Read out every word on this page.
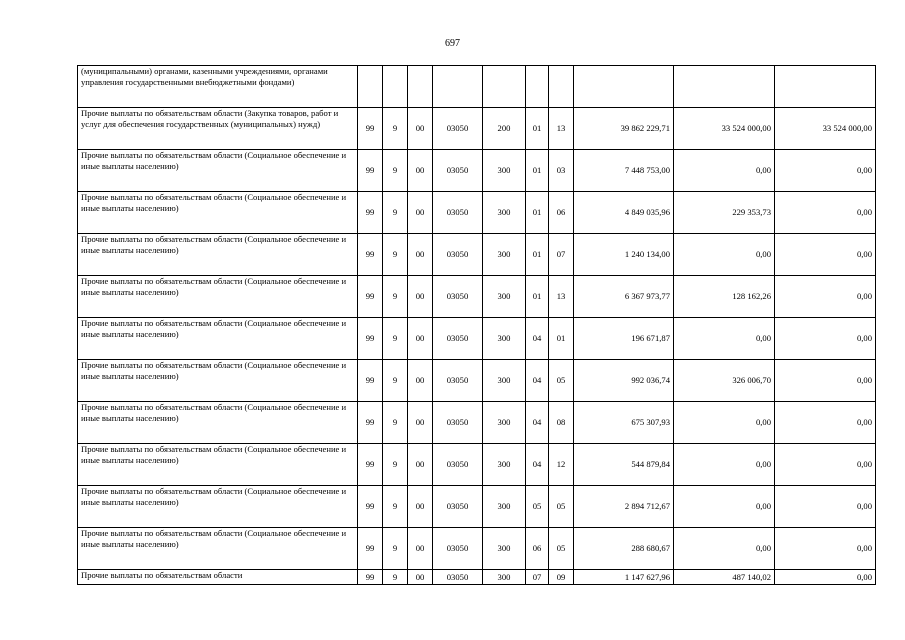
697
(муниципальными) органами, казенными учреждениями, органами управления государственными внебюджетными фондами)										
Прочие выплаты по обязательствам области (Закупка товаров, работ и услуг для обеспечения государственных (муниципальных) нужд)	99	9	00	03050	200	01	13	39 862 229,71	33 524 000,00	33 524 000,00
Прочие выплаты по обязательствам области (Социальное обеспечение и иные выплаты населению)	99	9	00	03050	300	01	03	7 448 753,00	0,00	0,00
Прочие выплаты по обязательствам области (Социальное обеспечение и иные выплаты населению)	99	9	00	03050	300	01	06	4 849 035,96	229 353,73	0,00
Прочие выплаты по обязательствам области (Социальное обеспечение и иные выплаты населению)	99	9	00	03050	300	01	07	1 240 134,00	0,00	0,00
Прочие выплаты по обязательствам области (Социальное обеспечение и иные выплаты населению)	99	9	00	03050	300	01	13	6 367 973,77	128 162,26	0,00
Прочие выплаты по обязательствам области (Социальное обеспечение и иные выплаты населению)	99	9	00	03050	300	04	01	196 671,87	0,00	0,00
Прочие выплаты по обязательствам области (Социальное обеспечение и иные выплаты населению)	99	9	00	03050	300	04	05	992 036,74	326 006,70	0,00
Прочие выплаты по обязательствам области (Социальное обеспечение и иные выплаты населению)	99	9	00	03050	300	04	08	675 307,93	0,00	0,00
Прочие выплаты по обязательствам области (Социальное обеспечение и иные выплаты населению)	99	9	00	03050	300	04	12	544 879,84	0,00	0,00
Прочие выплаты по обязательствам области (Социальное обеспечение и иные выплаты населению)	99	9	00	03050	300	05	05	2 894 712,67	0,00	0,00
Прочие выплаты по обязательствам области (Социальное обеспечение и иные выплаты населению)	99	9	00	03050	300	06	05	288 680,67	0,00	0,00
Прочие выплаты по обязательствам области	99	9	00	03050	300	07	09	1 147 627,96	487 140,02	0,00
